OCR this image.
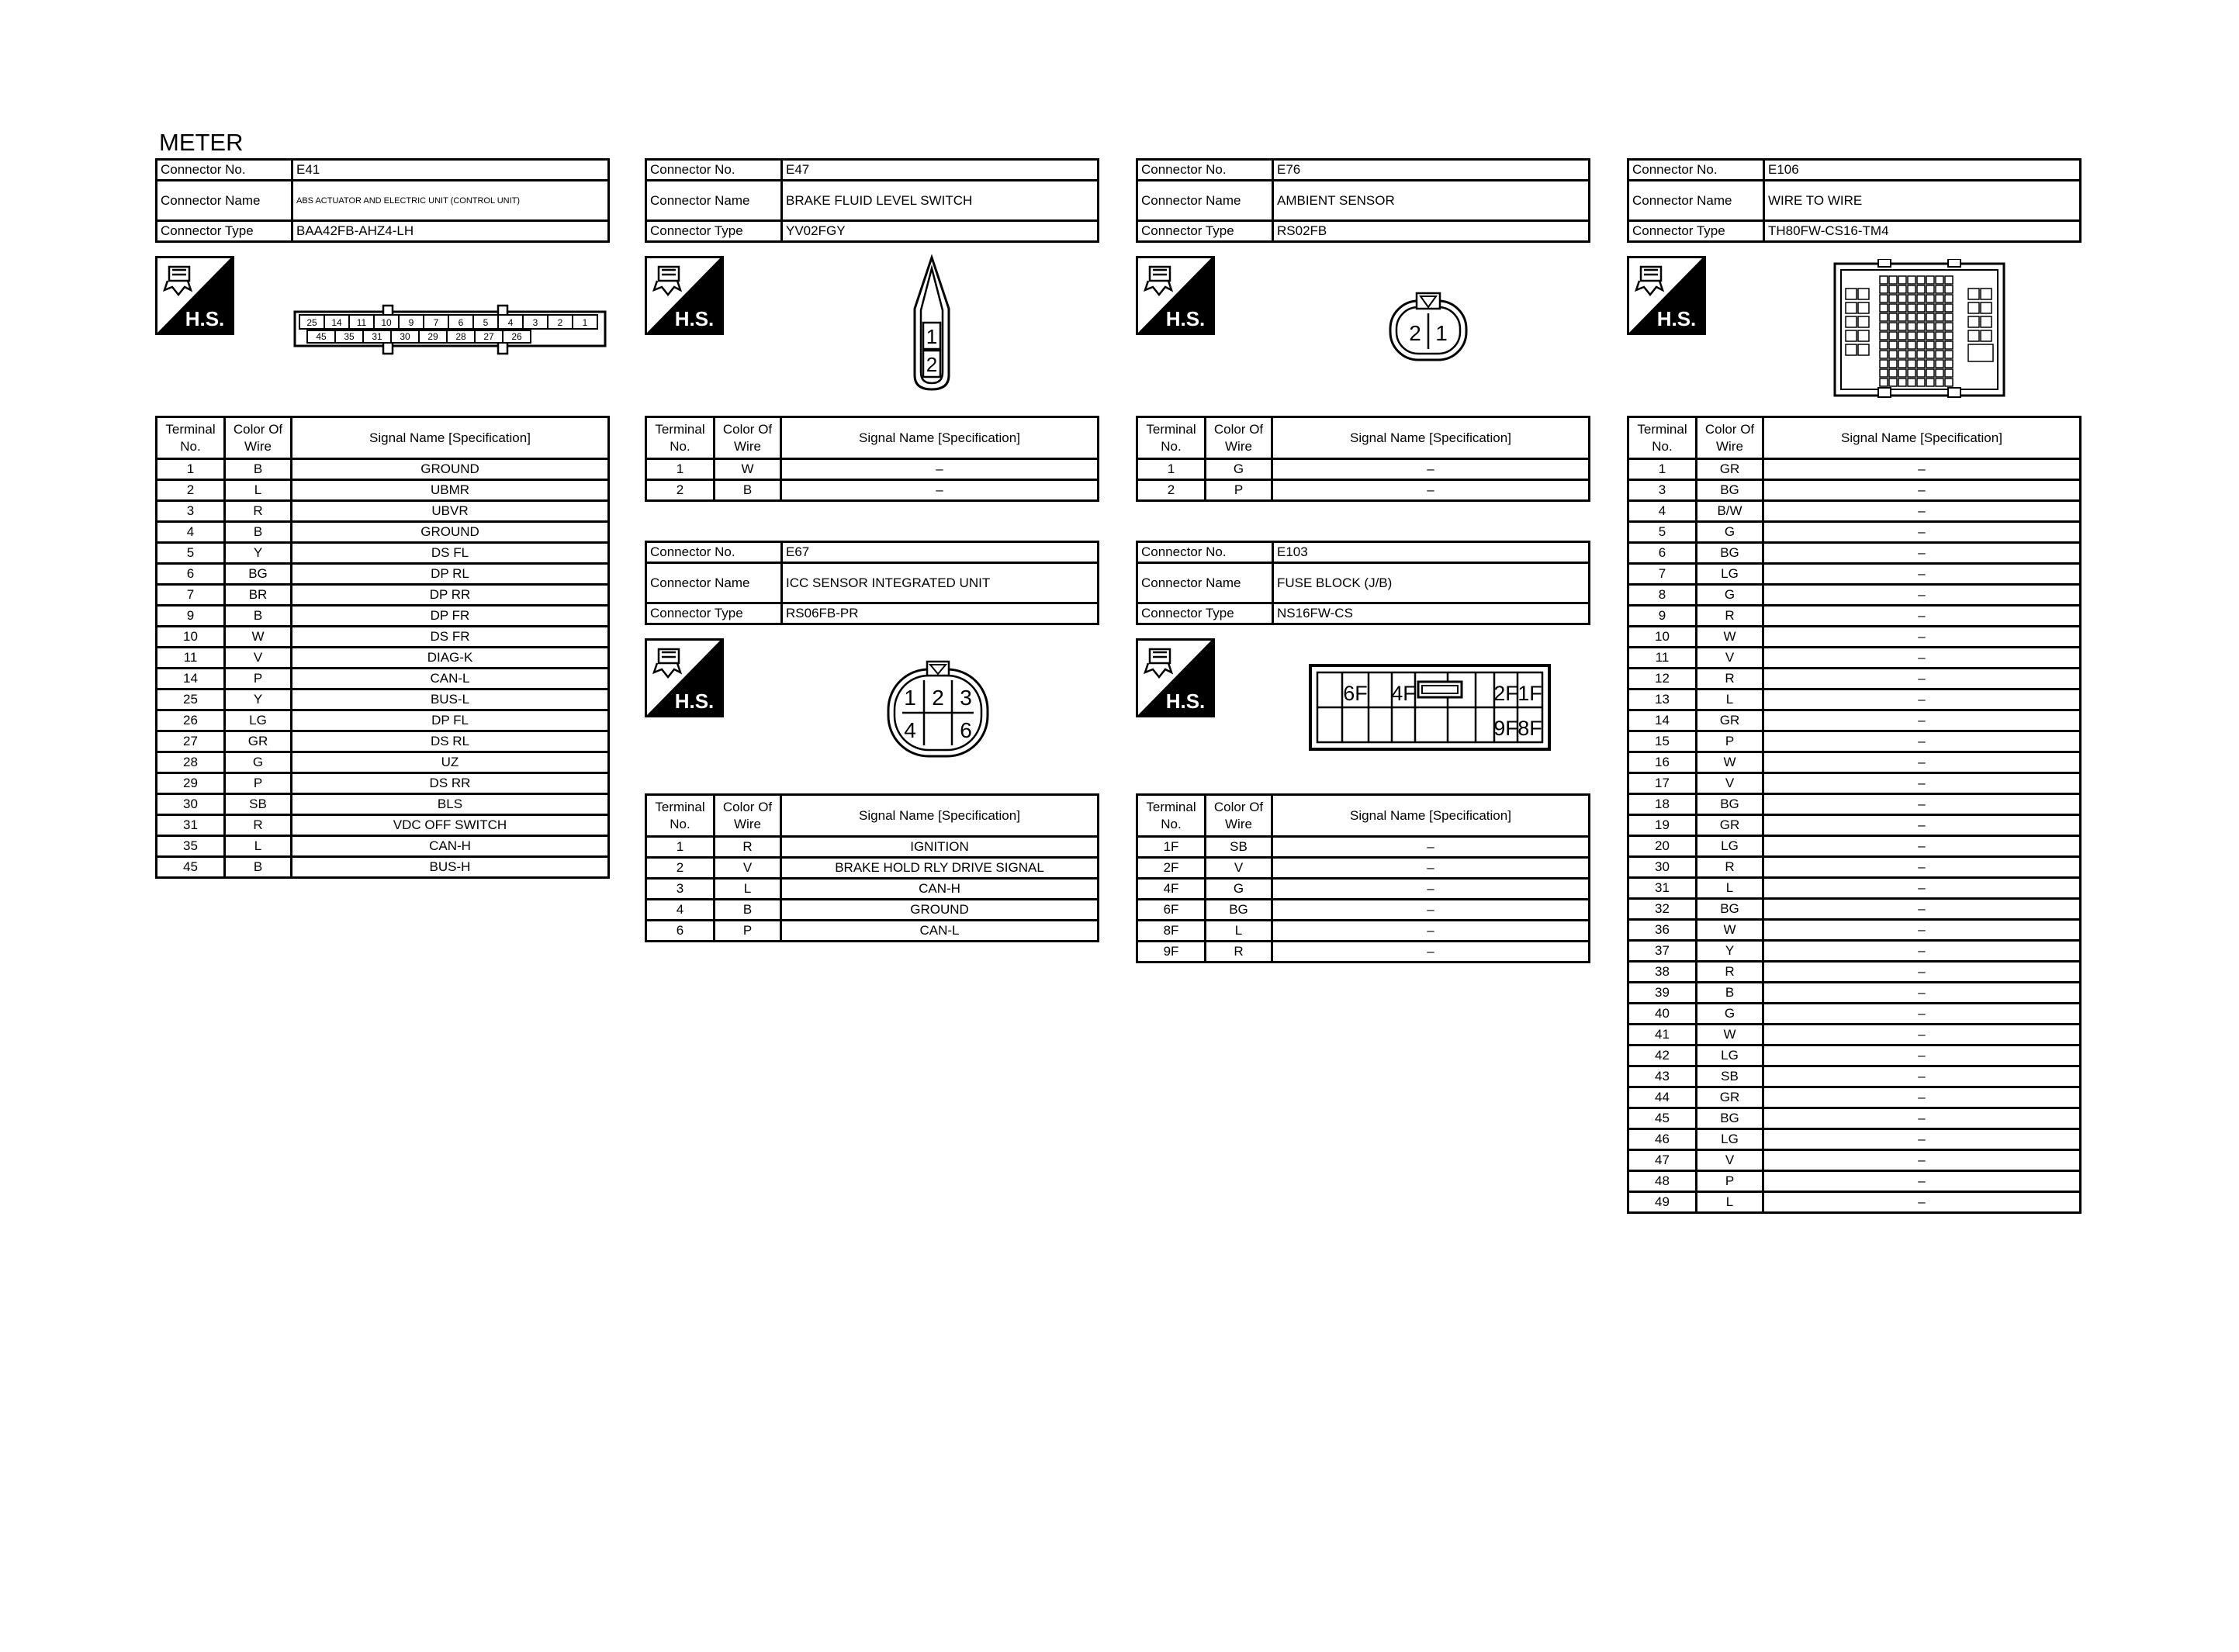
METER
Connector No.	E41
Connector Name	ABS ACTUATOR AND ELECTRIC UNIT (CONTROL UNIT)
Connector Type	BAA42FB-AHZ4-LH
H.S.	25 14 11 10 9 7 6 5 4 3 2 1
45 35 31 30 29 28 27 26
Terminal No.	Color Of Wire	Signal Name [Specification]
1	B	GROUND
2	L	UBMR
3	R	UBVR
4	B	GROUND
5	Y	DS FL
6	BG	DP RL
7	BR	DP RR
9	B	DP FR
10	W	DS FR
11	V	DIAG-K
14	P	CAN-L
25	Y	BUS-L
26	LG	DP FL
27	GR	DS RL
28	G	UZ
29	P	DS RR
30	SB	BLS
31	R	VDC OFF SWITCH
35	L	CAN-H
45	B	BUS-H
Connector No.	E47
Connector Name	BRAKE FLUID LEVEL SWITCH
Connector Type	YV02FGY
H.S.
1
2
Terminal No.	Color Of Wire	Signal Name [Specification]
1	W	–
2	B	–
Connector No.	E67
Connector Name	ICC SENSOR INTEGRATED UNIT
Connector Type	RS06FB-PR
H.S.	1 2 3
4 6
Terminal No.	Color Of Wire	Signal Name [Specification]
1	R	IGNITION
2	V	BRAKE HOLD RLY DRIVE SIGNAL
3	L	CAN-H
4	B	GROUND
6	P	CAN-L
Connector No.	E76
Connector Name	AMBIENT SENSOR
Connector Type	RS02FB
H.S.
2 1
Terminal No.	Color Of Wire	Signal Name [Specification]
1	G	–
2	P	–
Connector No.	E103
Connector Name	FUSE BLOCK (J/B)
Connector Type	NS16FW-CS
H.S.	6F 4F	2F 1F
9F 8F
Terminal No.	Color Of Wire	Signal Name [Specification]
1F	SB	–
2F	V	–
4F	G	–
6F	BG	–
8F	L	–
9F	R	–
Connector No.	E106
Connector Name	WIRE TO WIRE
Connector Type	TH80FW-CS16-TM4
H.S.
Terminal No.	Color Of Wire	Signal Name [Specification]
1	GR	–
3	BG	–
4	B/W	–
5	G	–
6	BG	–
7	LG	–
8	G	–
9	R	–
10	W	–
11	V	–
12	R	–
13	L	–
14	GR	–
15	P	–
16	W	–
17	V	–
18	BG	–
19	GR	–
20	LG	–
30	R	–
31	L	–
32	BG	–
36	W	–
37	Y	–
38	R	–
39	B	–
40	G	–
41	W	–
42	LG	–
43	SB	–
44	GR	–
45	BG	–
46	LG	–
47	V	–
48	P	–
49	L	–
